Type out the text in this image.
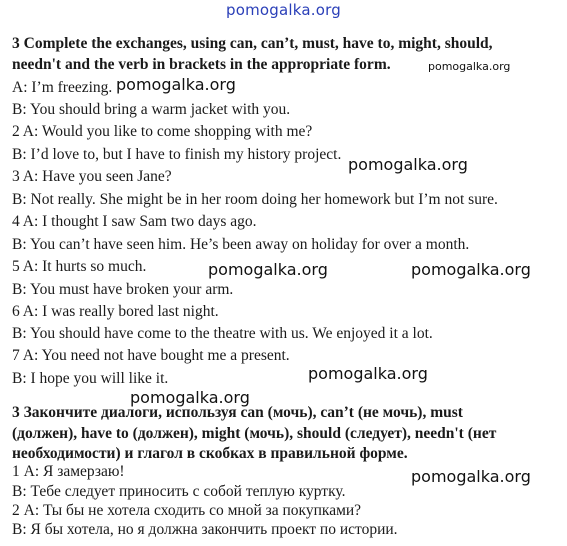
pomogalka.org
3 Complete the exchanges, using can, can’t, must, have to, might, should,
needn't and the verb in brackets in the appropriate form.
A: I’m freezing.
B: You should bring a warm jacket with you.
2 A: Would you like to come shopping with me?
B: I’d love to, but I have to finish my history project.
3 A: Have you seen Jane?
B: Not really. She might be in her room doing her homework but I’m not sure.
4 A: I thought I saw Sam two days ago.
B: You can’t have seen him. He’s been away on holiday for over a month.
5 A: It hurts so much.
B: You must have broken your arm.
6 A: I was really bored last night.
B: You should have come to the theatre with us. We enjoyed it a lot.
7 A: You need not have bought me a present.
B: I hope you will like it.
3 Закончите диалоги, используя can (мочь), can’t (не мочь), must
(должен), have to (должен), might (мочь), should (следует), needn't (нет
необходимости) и глагол в скобках в правильной форме.
1 А: Я замерзаю!
В: Тебе следует приносить с собой теплую куртку.
2 А: Ты бы не хотела сходить со мной за покупками?
В: Я бы хотела, но я должна закончить проект по истории.
pomogalka.org
pomogalka.org
pomogalka.org
pomogalka.org	pomogalka.org
pomogalka.org
pomogalka.org
pomogalka.org
